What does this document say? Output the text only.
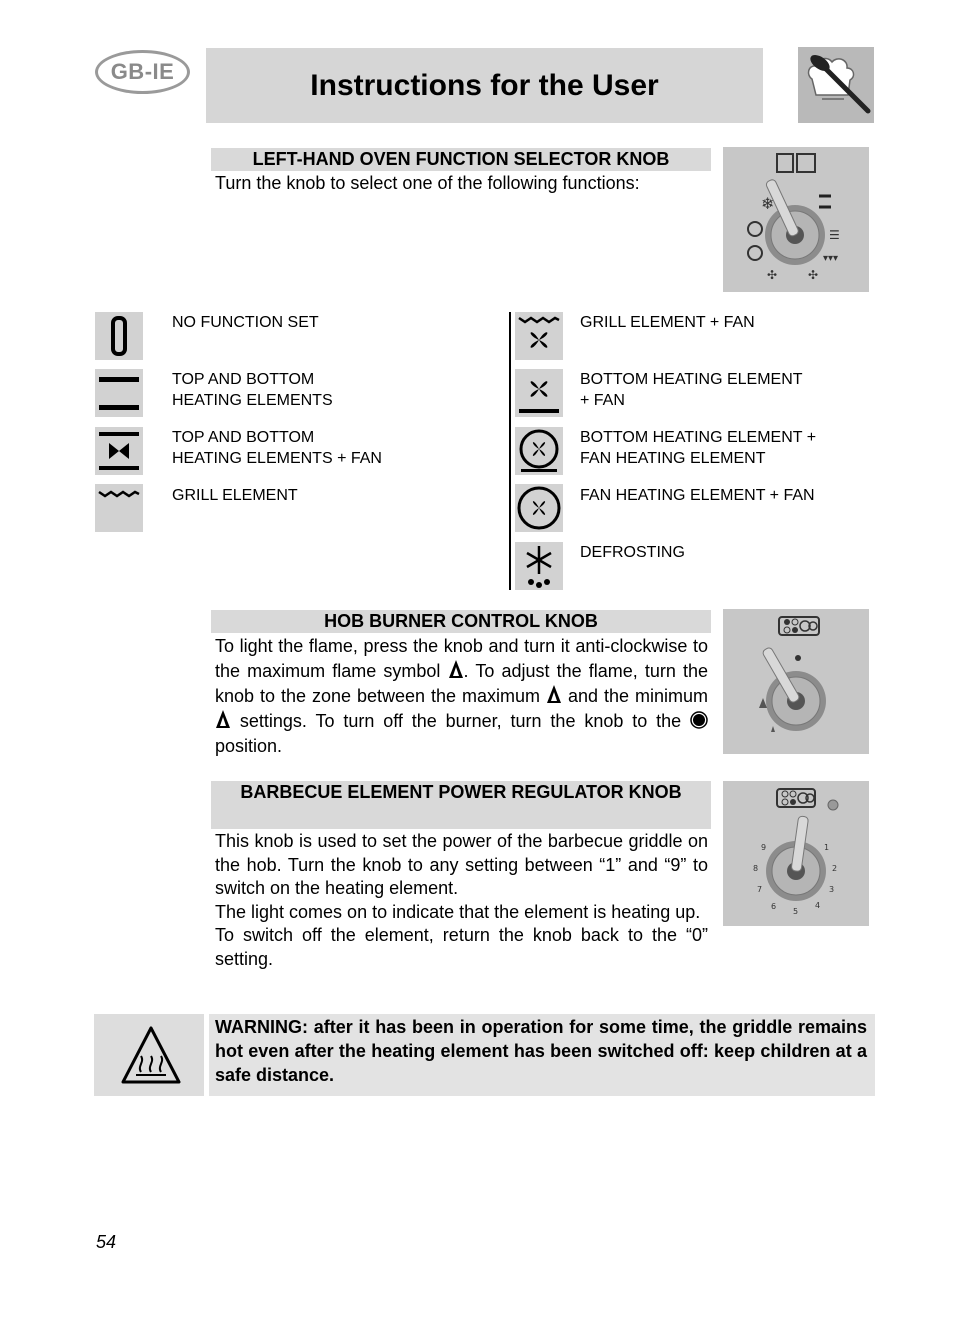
GB-IE	Instructions for the User
LEFT-HAND OVEN FUNCTION SELECTOR KNOB
Turn the knob to select one of the following functions:
❄
☰
▾▾▾
✣	✣
NO FUNCTION SET
TOP AND BOTTOM
HEATING ELEMENTS
TOP AND BOTTOM
HEATING ELEMENTS + FAN
GRILL ELEMENT
GRILL ELEMENT + FAN
BOTTOM HEATING ELEMENT
+ FAN
BOTTOM HEATING ELEMENT +
FAN HEATING ELEMENT
FAN HEATING ELEMENT + FAN
DEFROSTING
HOB BURNER CONTROL KNOB
To light the flame, press the knob and turn it anti-clockwise to the maximum flame symbol . To adjust the flame, turn the knob to the zone between the maximum and the minimum  settings. To turn off the burner, turn the knob to the  position.
BARBECUE ELEMENT POWER REGULATOR KNOB
This knob is used to set the power of the barbecue griddle on the hob. Turn the knob to any setting between “1” and “9” to switch on the heating element.
The light comes on to indicate that the element is heating up.
To switch off the element, return the knob back to the “0” setting.
1
2
3
4
5
6
7
8
9
WARNING: after it has been in operation for some time, the griddle remains hot even after the heating element has been switched off: keep children at a safe distance.
54
